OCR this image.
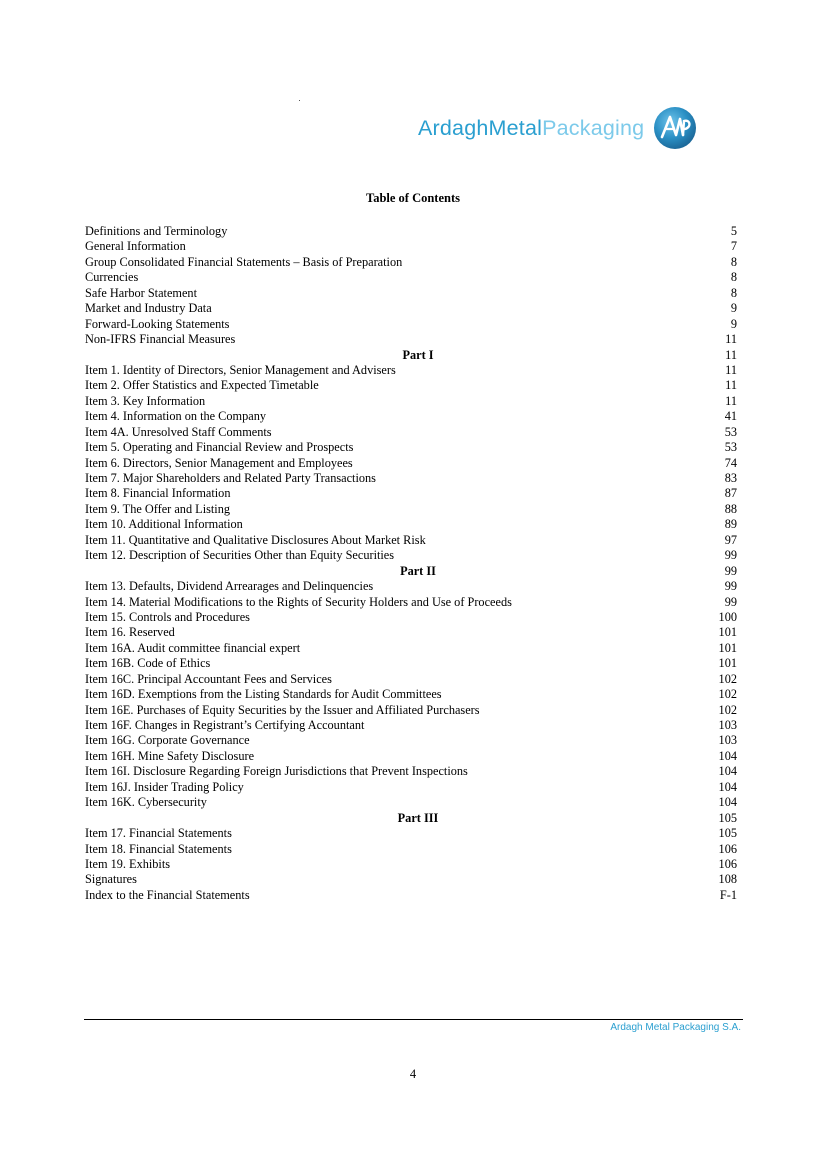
ArdaghMetalPackaging
Table of Contents
Definitions and Terminology	5
General Information	7
Group Consolidated Financial Statements – Basis of Preparation	8
Currencies	8
Safe Harbor Statement	8
Market and Industry Data	9
Forward-Looking Statements	9
Non-IFRS Financial Measures	11
Part I	11
Item 1. Identity of Directors, Senior Management and Advisers	11
Item 2. Offer Statistics and Expected Timetable	11
Item 3. Key Information	11
Item 4. Information on the Company	41
Item 4A. Unresolved Staff Comments	53
Item 5. Operating and Financial Review and Prospects	53
Item 6. Directors, Senior Management and Employees	74
Item 7. Major Shareholders and Related Party Transactions	83
Item 8. Financial Information	87
Item 9. The Offer and Listing	88
Item 10. Additional Information	89
Item 11. Quantitative and Qualitative Disclosures About Market Risk	97
Item 12. Description of Securities Other than Equity Securities	99
Part II	99
Item 13. Defaults, Dividend Arrearages and Delinquencies	99
Item 14. Material Modifications to the Rights of Security Holders and Use of Proceeds	99
Item 15. Controls and Procedures	100
Item 16. Reserved	101
Item 16A. Audit committee financial expert	101
Item 16B. Code of Ethics	101
Item 16C. Principal Accountant Fees and Services	102
Item 16D. Exemptions from the Listing Standards for Audit Committees	102
Item 16E. Purchases of Equity Securities by the Issuer and Affiliated Purchasers	102
Item 16F. Changes in Registrant’s Certifying Accountant	103
Item 16G. Corporate Governance	103
Item 16H. Mine Safety Disclosure	104
Item 16I. Disclosure Regarding Foreign Jurisdictions that Prevent Inspections	104
Item 16J. Insider Trading Policy	104
Item 16K. Cybersecurity	104
Part III	105
Item 17. Financial Statements	105
Item 18. Financial Statements	106
Item 19. Exhibits	106
Signatures	108
Index to the Financial Statements	F-1
Ardagh Metal Packaging S.A.
4
